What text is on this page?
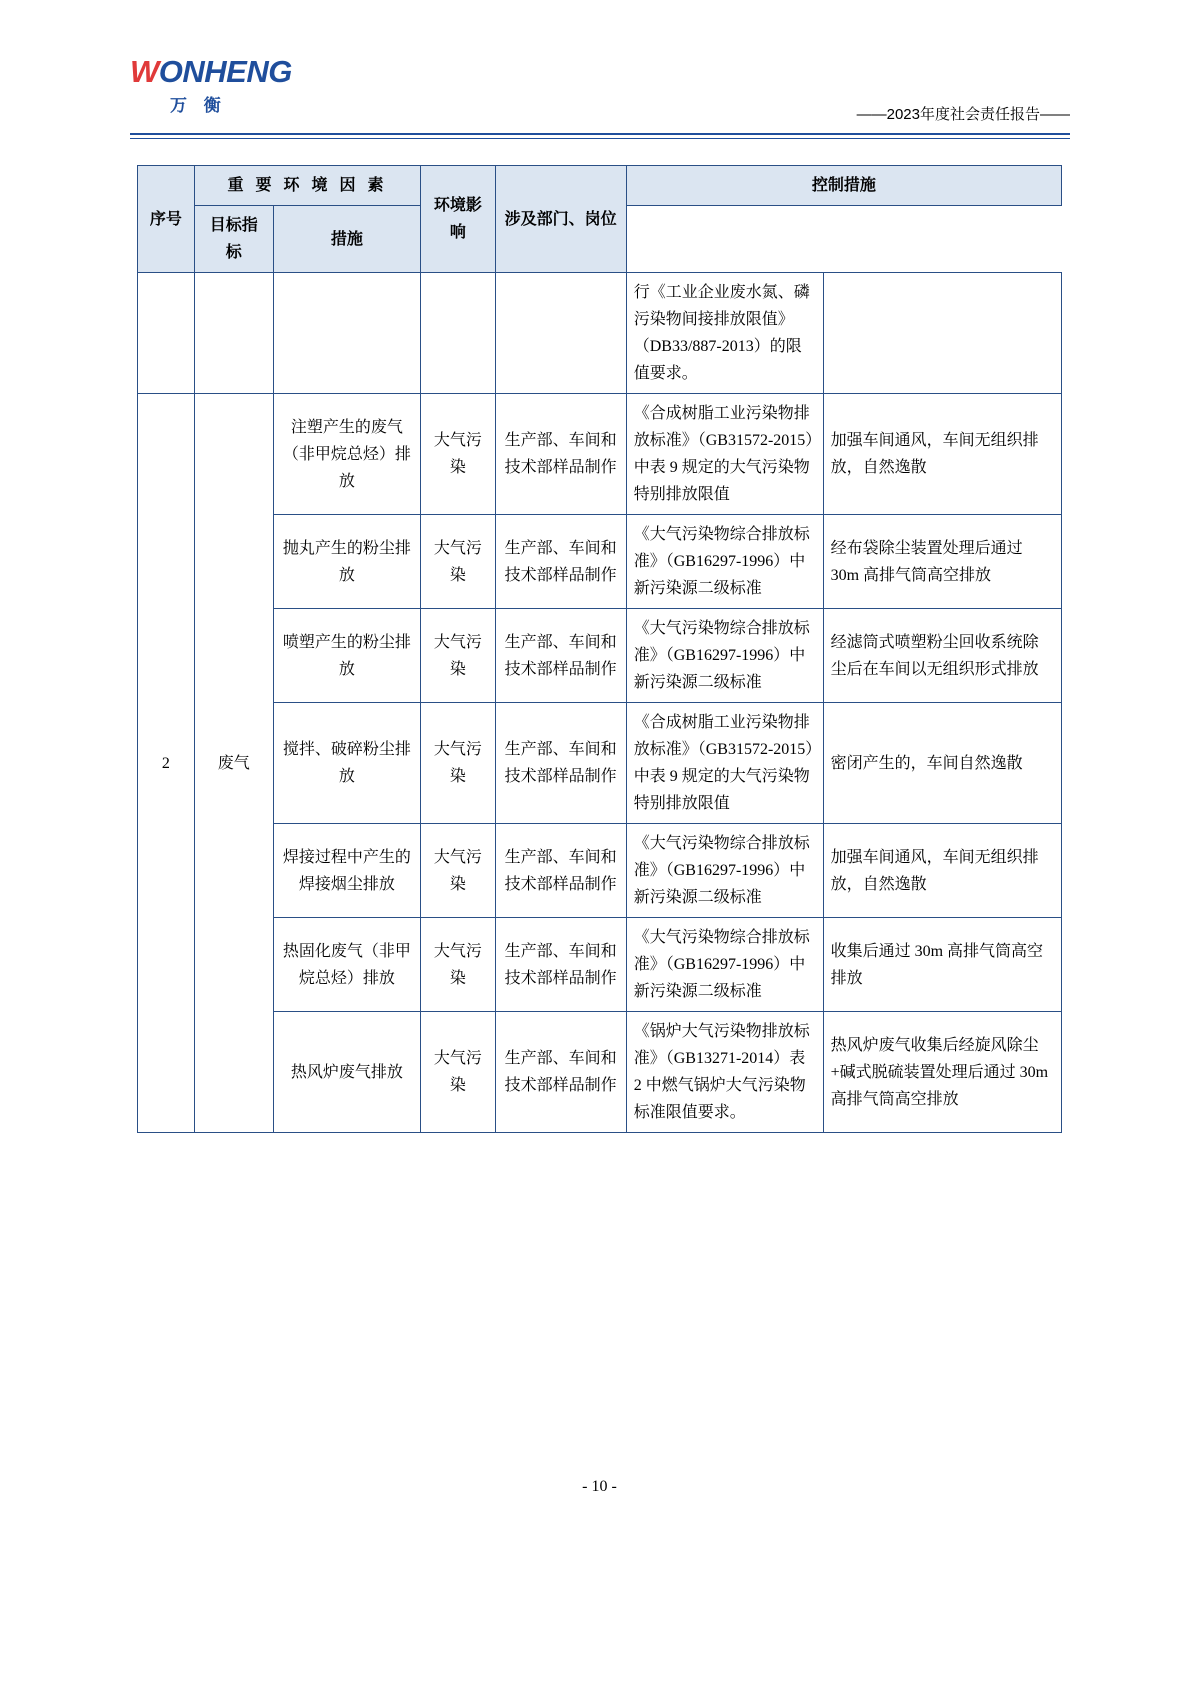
WONHENG
万 衡	——2023年度社会责任报告——
序号	重 要 环 境 因 素		环境影响	涉及部门、岗位	控制措施	
	目标指标	措施				
					行《工业企业废水氮、磷污染物间接排放限值》（DB33/887-2013）的限值要求。	
2	废气	注塑产生的废气（非甲烷总烃）排放	大气污染	生产部、车间和技术部样品制作	《合成树脂工业污染物排放标准》（GB31572-2015）中表 9 规定的大气污染物特别排放限值	加强车间通风，车间无组织排放，自然逸散
		抛丸产生的粉尘排放	大气污染	生产部、车间和技术部样品制作	《大气污染物综合排放标准》（GB16297-1996）中新污染源二级标准	经布袋除尘装置处理后通过 30m 高排气筒高空排放
		喷塑产生的粉尘排放	大气污染	生产部、车间和技术部样品制作	《大气污染物综合排放标准》（GB16297-1996）中新污染源二级标准	经滤筒式喷塑粉尘回收系统除尘后在车间以无组织形式排放
		搅拌、破碎粉尘排放	大气污染	生产部、车间和技术部样品制作	《合成树脂工业污染物排放标准》（GB31572-2015）中表 9 规定的大气污染物特别排放限值	密闭产生的，车间自然逸散
		焊接过程中产生的焊接烟尘排放	大气污染	生产部、车间和技术部样品制作	《大气污染物综合排放标准》（GB16297-1996）中新污染源二级标准	加强车间通风，车间无组织排放，自然逸散
		热固化废气（非甲烷总烃）排放	大气污染	生产部、车间和技术部样品制作	《大气污染物综合排放标准》（GB16297-1996）中新污染源二级标准	收集后通过 30m 高排气筒高空排放
		热风炉废气排放	大气污染	生产部、车间和技术部样品制作	《锅炉大气污染物排放标准》（GB13271-2014）表 2 中燃气锅炉大气污染物标准限值要求。	热风炉废气收集后经旋风除尘+碱式脱硫装置处理后通过 30m 高排气筒高空排放
- 10 -
